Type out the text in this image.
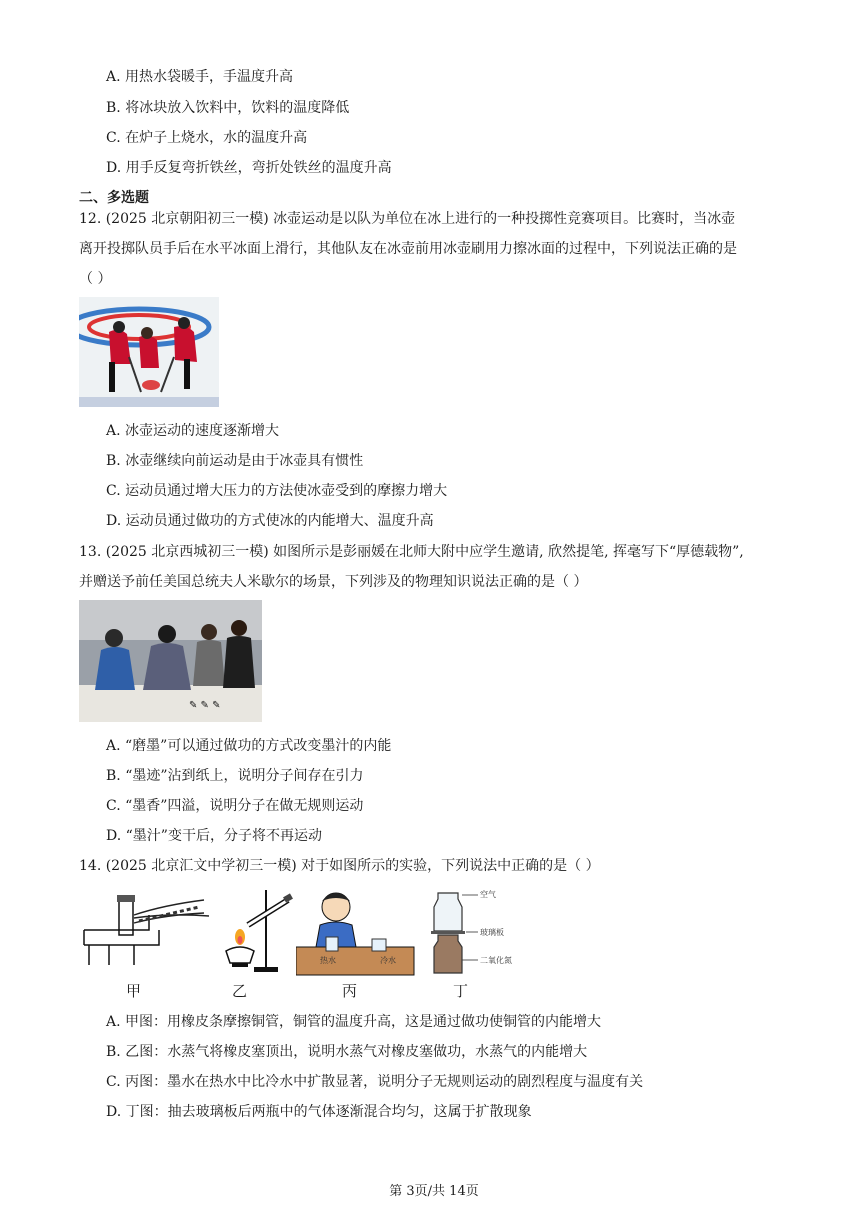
A. 用热水袋暖手，手温度升高
B. 将冰块放入饮料中，饮料的温度降低
C. 在炉子上烧水，水的温度升高
D. 用手反复弯折铁丝，弯折处铁丝的温度升高
二、多选题
12. (2025 北京朝阳初三一模) 冰壶运动是以队为单位在冰上进行的一种投掷性竞赛项目。比赛时，当冰壶
离开投掷队员手后在水平冰面上滑行，其他队友在冰壶前用冰壶刷用力擦冰面的过程中，下列说法正确的是
（ ）
A. 冰壶运动的速度逐渐增大
B. 冰壶继续向前运动是由于冰壶具有惯性
C. 运动员通过增大压力的方法使冰壶受到的摩擦力增大
D. 运动员通过做功的方式使冰的内能增大、温度升高
13. (2025 北京西城初三一模) 如图所示是彭丽媛在北师大附中应学生邀请, 欣然提笔, 挥毫写下“厚德载物”,
并赠送予前任美国总统夫人米歇尔的场景，下列涉及的物理知识说法正确的是（ ）
✎ ✎ ✎
A. “磨墨”可以通过做功的方式改变墨汁的内能
B. “墨迹”沾到纸上，说明分子间存在引力
C. “墨香”四溢，说明分子在做无规则运动
D. “墨汁”变干后，分子将不再运动
14. (2025 北京汇文中学初三一模) 对于如图所示的实验，下列说法中正确的是（ ）
甲	乙
热水	冷水
丙
空气
玻璃板
二氧化氮
丁
A. 甲图：用橡皮条摩擦铜管，铜管的温度升高，这是通过做功使铜管的内能增大
B. 乙图：水蒸气将橡皮塞顶出，说明水蒸气对橡皮塞做功，水蒸气的内能增大
C. 丙图：墨水在热水中比冷水中扩散显著，说明分子无规则运动的剧烈程度与温度有关
D. 丁图：抽去玻璃板后两瓶中的气体逐渐混合均匀，这属于扩散现象
第 3页/共 14页
